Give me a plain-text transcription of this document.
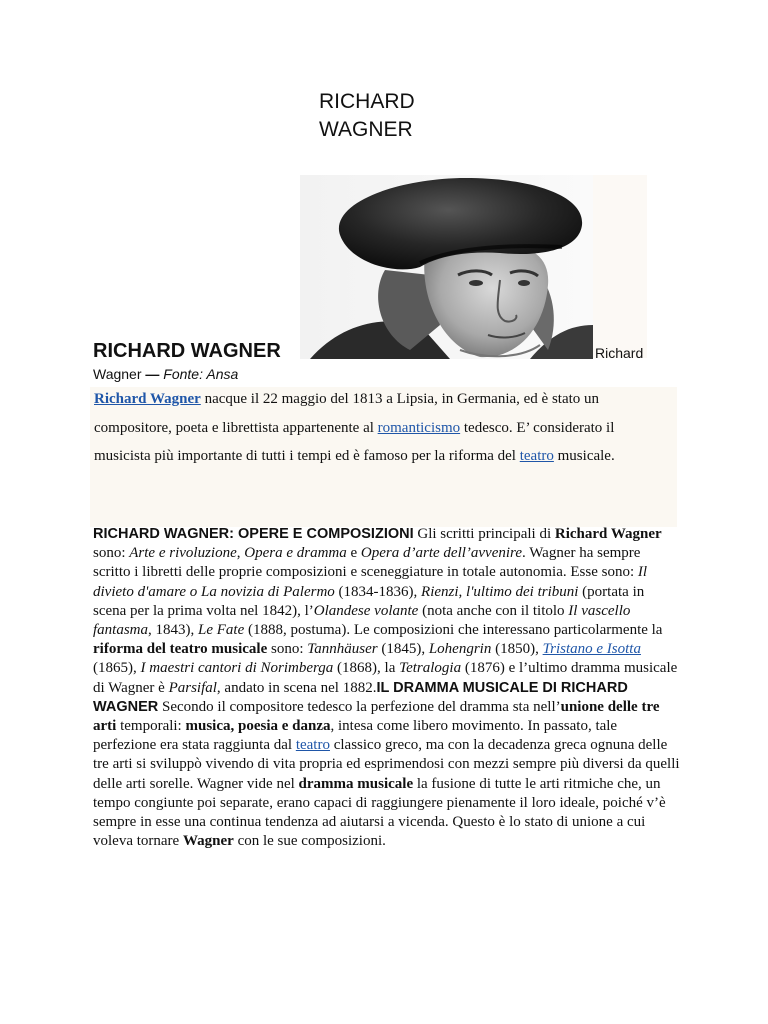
RICHARD
WAGNER
RICHARD WAGNER	Richard
Wagner — Fonte: Ansa

Richard Wagner nacque il 22 maggio del 1813 a Lipsia, in Germania, ed è stato un compositore, poeta e librettista appartenente al romanticismo tedesco. E’ considerato il musicista più importante di tutti i tempi ed è famoso per la riforma del teatro musicale.

RICHARD WAGNER: OPERE E COMPOSIZIONI Gli scritti principali di Richard Wagner sono: Arte e rivoluzione, Opera e dramma e Opera d’arte dell’avvenire. Wagner ha sempre scritto i libretti delle proprie composizioni e sceneggiature in totale autonomia. Esse sono: Il divieto d'amare o La novizia di Palermo (1834-1836), Rienzi, l'ultimo dei tribuni (portata in scena per la prima volta nel 1842), l’Olandese volante (nota anche con il titolo Il vascello fantasma, 1843), Le Fate (1888, postuma). Le composizioni che interessano particolarmente la riforma del teatro musicale sono: Tannhäuser (1845), Lohengrin (1850), Tristano e Isotta (1865), I maestri cantori di Norimberga (1868), la Tetralogia (1876) e l’ultimo dramma musicale di Wagner è Parsifal, andato in scena nel 1882.IL DRAMMA MUSICALE DI RICHARD WAGNER Secondo il compositore tedesco la perfezione del dramma sta nell’unione delle tre arti temporali: musica, poesia e danza, intesa come libero movimento. In passato, tale perfezione era stata raggiunta dal teatro classico greco, ma con la decadenza greca ognuna delle tre arti si sviluppò vivendo di vita propria ed esprimendosi con mezzi sempre più diversi da quelli delle arti sorelle. Wagner vide nel dramma musicale la fusione di tutte le arti ritmiche che, un tempo congiunte poi separate, erano capaci di raggiungere pienamente il loro ideale, poiché v’è sempre in esse una continua tendenza ad aiutarsi a vicenda. Questo è lo stato di unione a cui voleva tornare Wagner con le sue composizioni.
